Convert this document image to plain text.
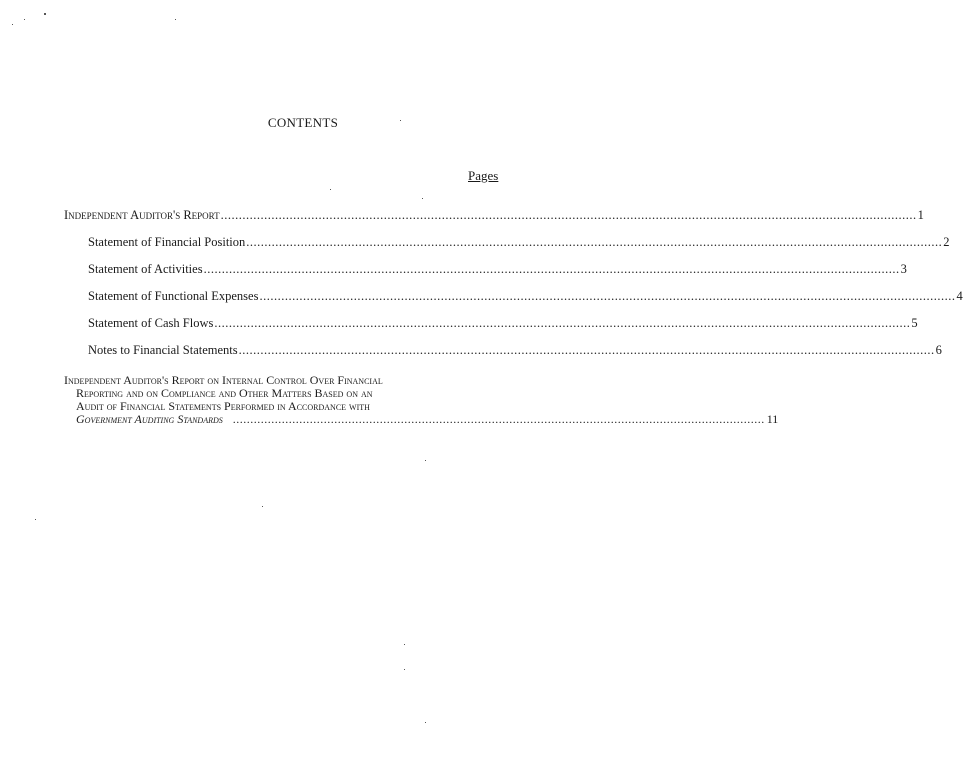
CONTENTS
Pages
Independent Auditor's Report .....	1
Statement of Financial Position .....	2
Statement of Activities .....	3
Statement of Functional Expenses .....	4
Statement of Cash Flows .....	5
Notes to Financial Statements .....	6
Independent Auditor's Report on Internal Control Over Financial
Reporting and on Compliance and Other Matters Based on an
Audit of Financial Statements Performed in Accordance with
Government Auditing Standards ........................................................................................................................................................ 11
